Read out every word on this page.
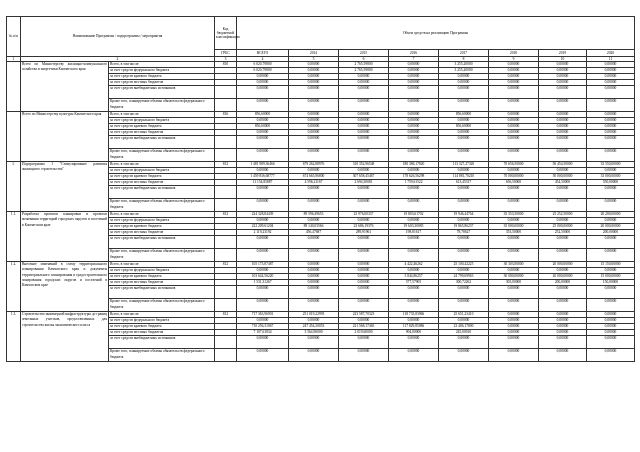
№ п/п	Наименование Программы / подпрограммы / мероприятия		Код бюджетной классификации	Объем средств на реализацию Программы							
			ГРБС	ВСЕГО	2014	2015	2016	2017	2018	2019	2020
1	2		3	4	5	6	7	8	9	10	11
	Всего по Министерству жилищно-коммунального хозяйства и энергетики Камчатского края	Всего, в том числе:	810	6 020,79800	0,00000	2 765,59800	0,00000	3 255,20000	0,00000	0,00000	0,00000
		за счет средств федерального бюджета		6 020,79800	0,00000	2 765,59800	0,00000	3 255,20000	0,00000	0,00000	0,00000
		за счет средств краевого бюджета		0,00000	0,00000	0,00000	0,00000	0,00000	0,00000	0,00000	0,00000
		за счет средств местных бюджетов		0,00000	0,00000	0,00000	0,00000	0,00000	0,00000	0,00000	0,00000
		за счет средств внебюджетных источников		0,00000	0,00000	0,00000	0,00000	0,00000	0,00000	0,00000	0,00000
		Кроме того, планируемые объемы обязательств федерального бюджета		0,00000	0,00000	0,00000	0,00000	0,00000	0,00000	0,00000	0,00000
	Всего по Министерству культуры Камчатского края	Всего, в том числе:	816	856,60000	0,00000	0,00000	0,00000	856,60000	0,00000	0,00000	0,00000
		за счет средств федерального бюджета		0,00000	0,00000	0,00000	0,00000	0,00000	0,00000	0,00000	0,00000
		за счет средств краевого бюджета		856,60000	0,00000	0,00000	0,00000	856,60000	0,00000	0,00000	0,00000
		за счет средств местных бюджетов		0,00000	0,00000	0,00000	0,00000	0,00000	0,00000	0,00000	0,00000
		за счет средств внебюджетных источников		0,00000	0,00000	0,00000	0,00000	0,00000	0,00000	0,00000	0,00000
		Кроме того, планируемые объемы обязательств федерального бюджета		0,00000	0,00000	0,00000	0,00000	0,00000	0,00000	0,00000	0,00000
1.	Подпрограмма 1 "Стимулирование развития жилищного строительства"	Всего, в том числе:	812	1 481 989,36466	679 262,88976	310 352,96548	180 386,17820	113 327,27320	70 656,50000	50 454,50000	33 550,00000
		за счет средств федерального бюджета		0,00000	0,00000	0,00000	0,00000	0,00000	0,00000	0,00000	0,00000
		за счет средств краевого бюджета		1 459 836,68777	674 665,86800	307 658,45467	178 626,56298	114 881,70210	70 000,00000	50 000,00000	33 000,00000
		за счет средств местных бюджетов		11 154,85887	4 596,21167	2 694,50081	1 759,61522	613,45317	656,50000	454,50000	550,00000
		за счет средств внебюджетных источников		0,00000	0,00000	0,00000	0,00000	0,00000	0,00000	0,00000	0,00000
		Кроме того, планируемые объемы обязательств федерального бюджета		0,00000	0,00000	0,00000	0,00000	0,00000	0,00000	0,00000	0,00000
1.1.	Разработка проектов планировки и проектов межевания территорий городских округов и поселений в Камчатском крае	Всего, в том числе:	812	224 328,84439	89 596,49653	23 976,00337	19 803,61702	19 946,44764	35 353,50000	25 252,50000	20 200,00000
		за счет средств федерального бюджета		0,00000	0,00000	0,00000	0,00000	0,00000	0,00000	0,00000	0,00000
		за счет средств краевого бюджета		222 209,61204	89 140,03566	23 686,19376	19 603,30085	19 865,86237	35 000,00000	25 000,00000	20 000,00000
		за счет средств местных бюджетов		2 119,23192	456,47687	289,91961	198,81617	78,78627	353,50000	252,50000	200,00000
		за счет средств внебюджетных источников		0,00000	0,00000	0,00000	0,00000	0,00000	0,00000	0,00000	0,00000
		Кроме того, планируемые объемы обязательств федерального бюджета		0,00000	0,00000	0,00000	0,00000	0,00000	0,00000	0,00000	0,00000
1.2.	Внесение изменений в схему территориального планирования Камчатского края и документы территориального планирования и градостроительного зонирования городских округов и поселений в Камчатском крае	Всего, в том числе:	812	105 175,87487	0,00000	0,00000	4 422,46262	25 100,42225	30 303,00000	20 000,00000	15 150,00000
		за счет средств федерального бюджета		0,00000	0,00000	0,00000	0,00000	0,00000	0,00000	0,00000	0,00000
		за счет средств краевого бюджета		103 644,56220	0,00000	0,00000	3 844,86257	24 799,69963	30 000,00000	20 000,00000	15 000,00000
		за счет средств местных бюджетов		1 531,31267	0,00000	0,00000	577,57905	300,72262	303,00000	200,00000	150,00000
		за счет средств внебюджетных источников		0,00000	0,00000	0,00000	0,00000	0,00000	0,00000	0,00000	0,00000
		Кроме того, планируемые объемы обязательств федерального бюджета		0,00000	0,00000	0,00000	0,00000	0,00000	0,00000	0,00000	0,00000
1.3.	Строительство инженерной инфраструктуры до границ земельных участков, предоставленных для строительства жилья экономического класса	Всего, в том числе:	812	717 363,96901	251 019,22993	223 587,70323	118 733,83966	25 651,23410	0,00000	0,00000	0,00000
		за счет средств федерального бюджета		0,00000	0,00000	0,00000	0,00000	0,00000	0,00000	0,00000	0,00000
		за счет средств краевого бюджета		710 256,31067	247 454,20053	221 568,17465	117 829,85086	23 406,17800	0,00000	0,00000	0,00000
		за счет средств местных бюджетов		7 107,61834	3 564,96000	2 019,60000	904,00000	245,00010	0,00000	0,00000	0,00000
		за счет средств внебюджетных источников		0,00000	0,00000	0,00000	0,00000	0,00000	0,00000	0,00000	0,00000
		Кроме того, планируемые объемы обязательств федерального бюджета		0,00000	0,00000	0,00000	0,00000	0,00000	0,00000	0,00000	0,00000
